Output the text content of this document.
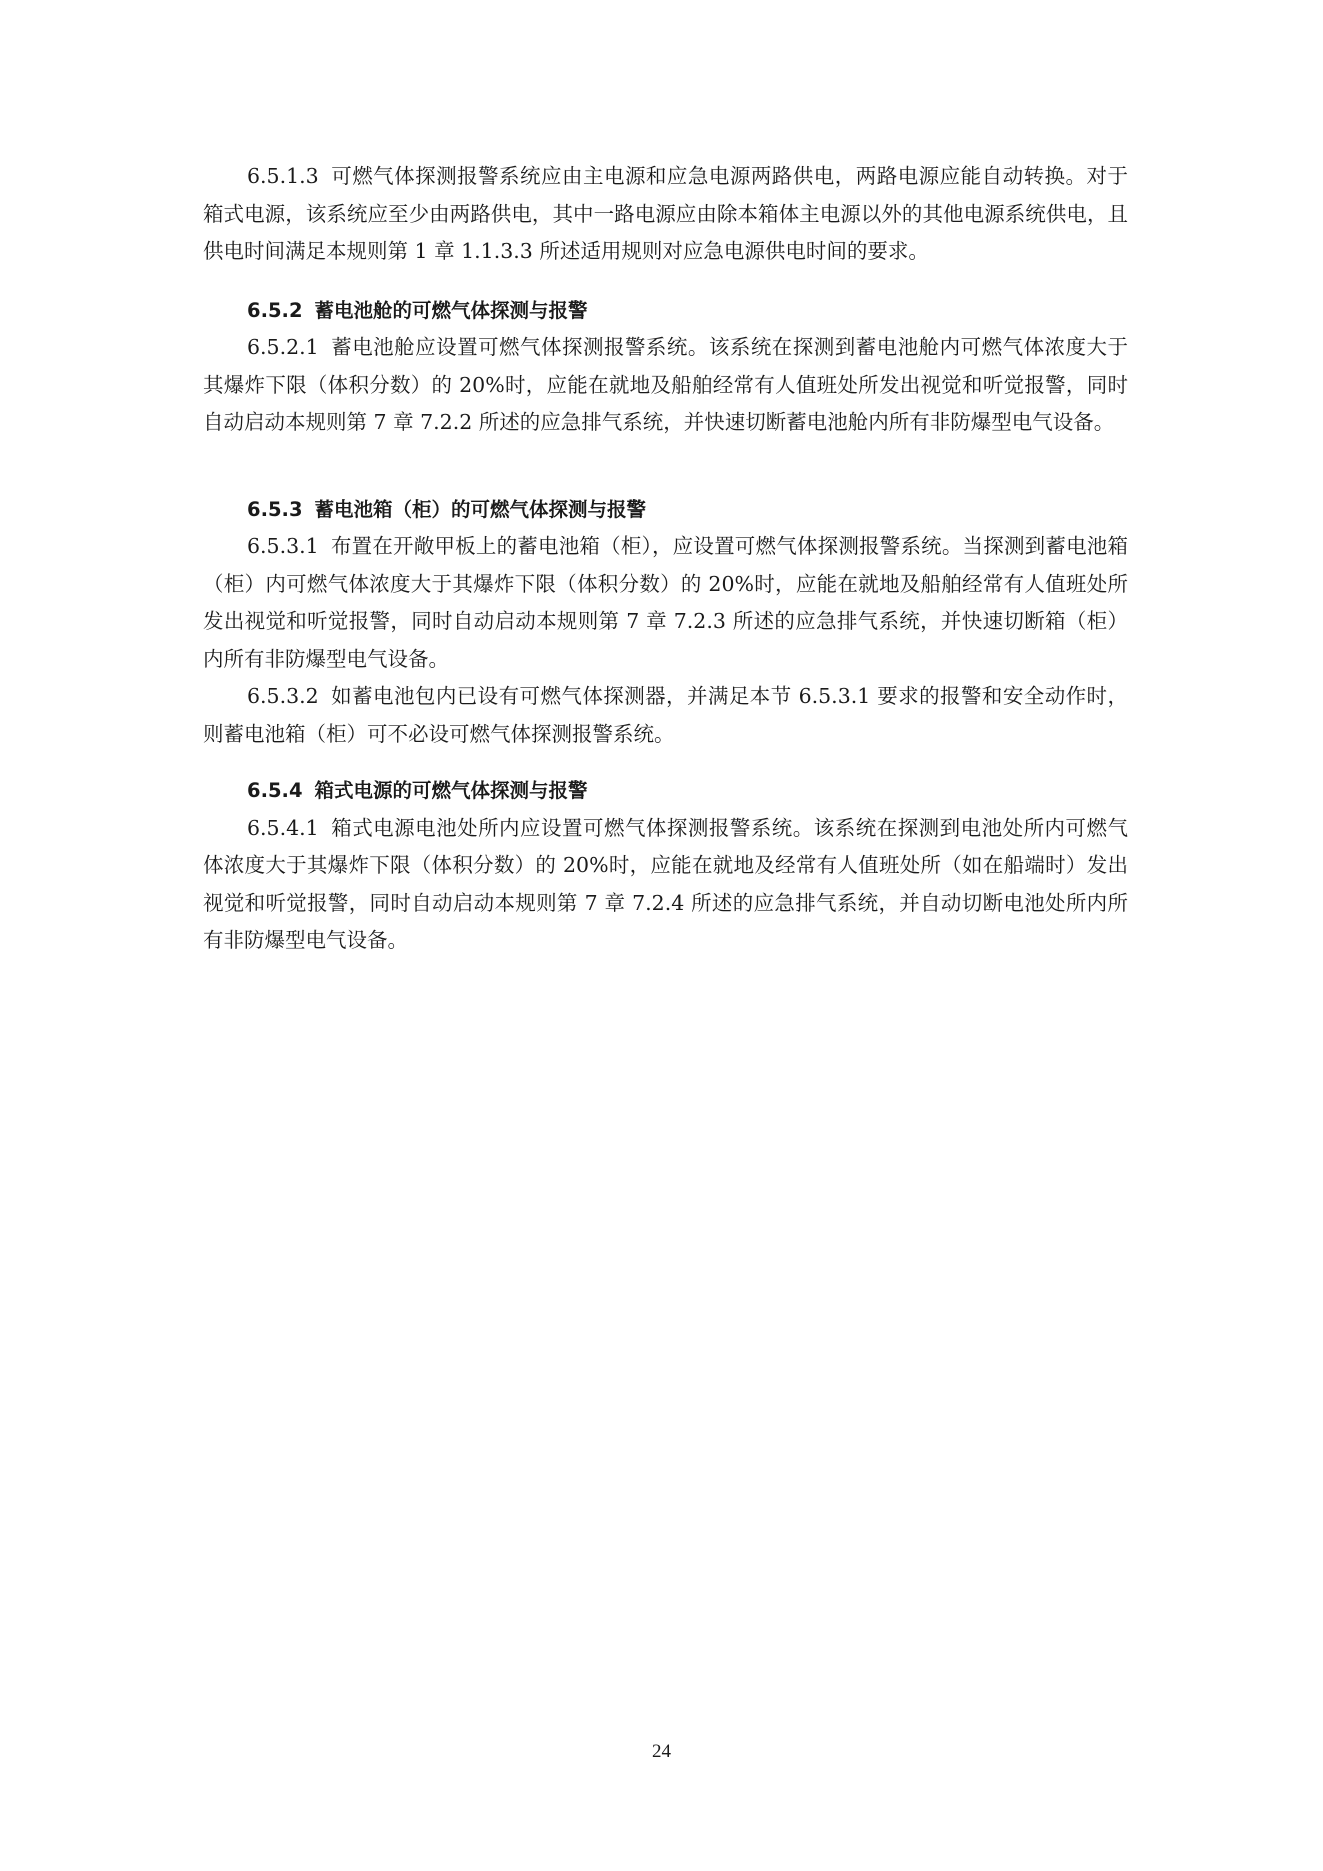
6.5.1.3 可燃气体探测报警系统应由主电源和应急电源两路供电，两路电源应能自动转换。对于箱式电源，该系统应至少由两路供电，其中一路电源应由除本箱体主电源以外的其他电源系统供电，且供电时间满足本规则第 1 章 1.1.3.3 所述适用规则对应急电源供电时间的要求。

6.5.2 蓄电池舱的可燃气体探测与报警

6.5.2.1 蓄电池舱应设置可燃气体探测报警系统。该系统在探测到蓄电池舱内可燃气体浓度大于其爆炸下限（体积分数）的 20%时，应能在就地及船舶经常有人值班处所发出视觉和听觉报警，同时自动启动本规则第 7 章 7.2.2 所述的应急排气系统，并快速切断蓄电池舱内所有非防爆型电气设备。

6.5.3 蓄电池箱（柜）的可燃气体探测与报警

6.5.3.1 布置在开敞甲板上的蓄电池箱（柜），应设置可燃气体探测报警系统。当探测到蓄电池箱（柜）内可燃气体浓度大于其爆炸下限（体积分数）的 20%时，应能在就地及船舶经常有人值班处所发出视觉和听觉报警，同时自动启动本规则第 7 章 7.2.3 所述的应急排气系统，并快速切断箱（柜）内所有非防爆型电气设备。

6.5.3.2 如蓄电池包内已设有可燃气体探测器，并满足本节 6.5.3.1 要求的报警和安全动作时，则蓄电池箱（柜）可不必设可燃气体探测报警系统。

6.5.4 箱式电源的可燃气体探测与报警

6.5.4.1 箱式电源电池处所内应设置可燃气体探测报警系统。该系统在探测到电池处所内可燃气体浓度大于其爆炸下限（体积分数）的 20%时，应能在就地及经常有人值班处所（如在船端时）发出视觉和听觉报警，同时自动启动本规则第 7 章 7.2.4 所述的应急排气系统，并自动切断电池处所内所有非防爆型电气设备。

24
